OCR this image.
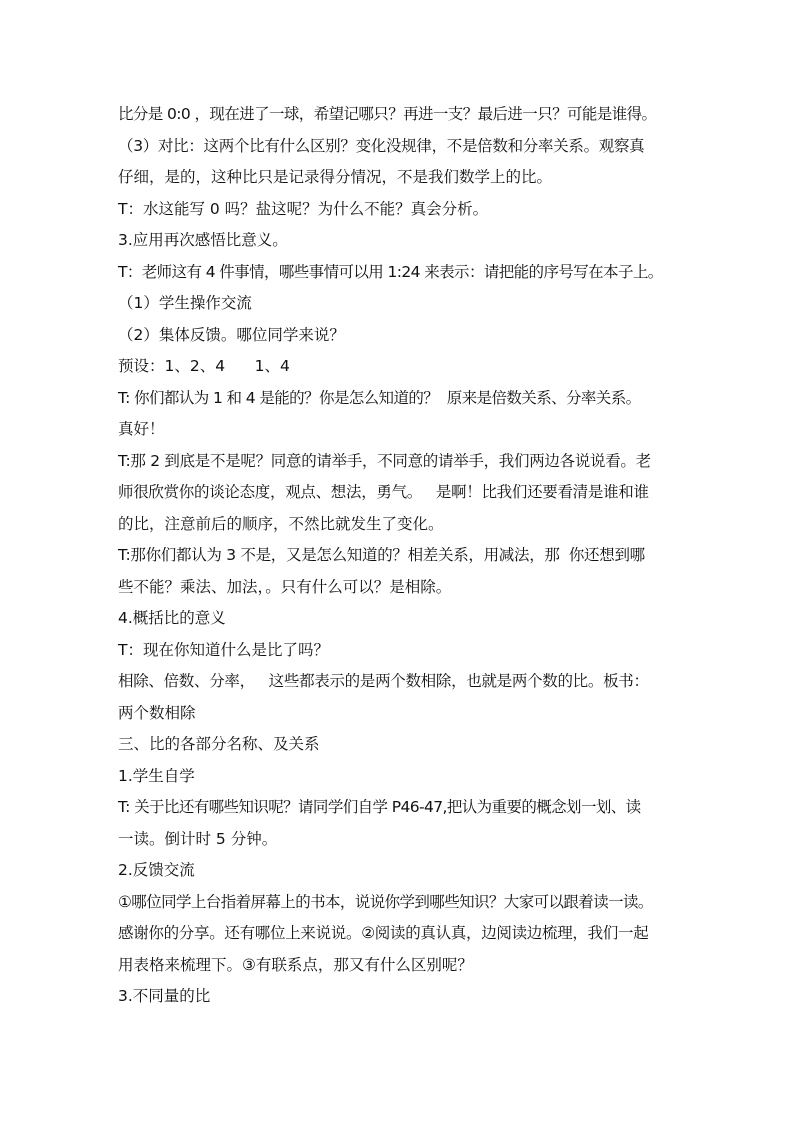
比分是 0:0 ，现在进了一球，希望记哪只？再进一支？最后进一只？可能是谁得。
（3）对比：这两个比有什么区别？变化没规律，不是倍数和分率关系。观察真
仔细，是的，这种比只是记录得分情况，不是我们数学上的比。
T：水这能写 0 吗？盐这呢？为什么不能？真会分析。
3.应用再次感悟比意义。
T：老师这有 4 件事情，哪些事情可以用 1:24 来表示：请把能的序号写在本子上。
（1）学生操作交流
（2）集体反馈。哪位同学来说？
预设：1、2、4      1、4
T: 你们都认为 1 和 4 是能的？你是怎么知道的？  原来是倍数关系、分率关系。
真好！
T:那 2 到底是不是呢？同意的请举手，不同意的请举手，我们两边各说说看。老
师很欣赏你的谈论态度，观点、想法，勇气。   是啊！比我们还要看清是谁和谁
的比，注意前后的顺序，不然比就发生了变化。
T:那你们都认为 3 不是，又是怎么知道的？相差关系，用减法，那  你还想到哪
些不能？乘法、加法，。只有什么可以？是相除。
4.概括比的意义
T：现在你知道什么是比了吗？
相除、倍数、分率，   这些都表示的是两个数相除，也就是两个数的比。板书：
两个数相除
三、比的各部分名称、及关系
1.学生自学
T: 关于比还有哪些知识呢？请同学们自学 P46-47,把认为重要的概念划一划、读
一读。倒计时 5 分钟。
2.反馈交流
①哪位同学上台指着屏幕上的书本，说说你学到哪些知识？大家可以跟着读一读。
感谢你的分享。还有哪位上来说说。②阅读的真认真，边阅读边梳理，我们一起
用表格来梳理下。③有联系点，那又有什么区别呢？
3.不同量的比
